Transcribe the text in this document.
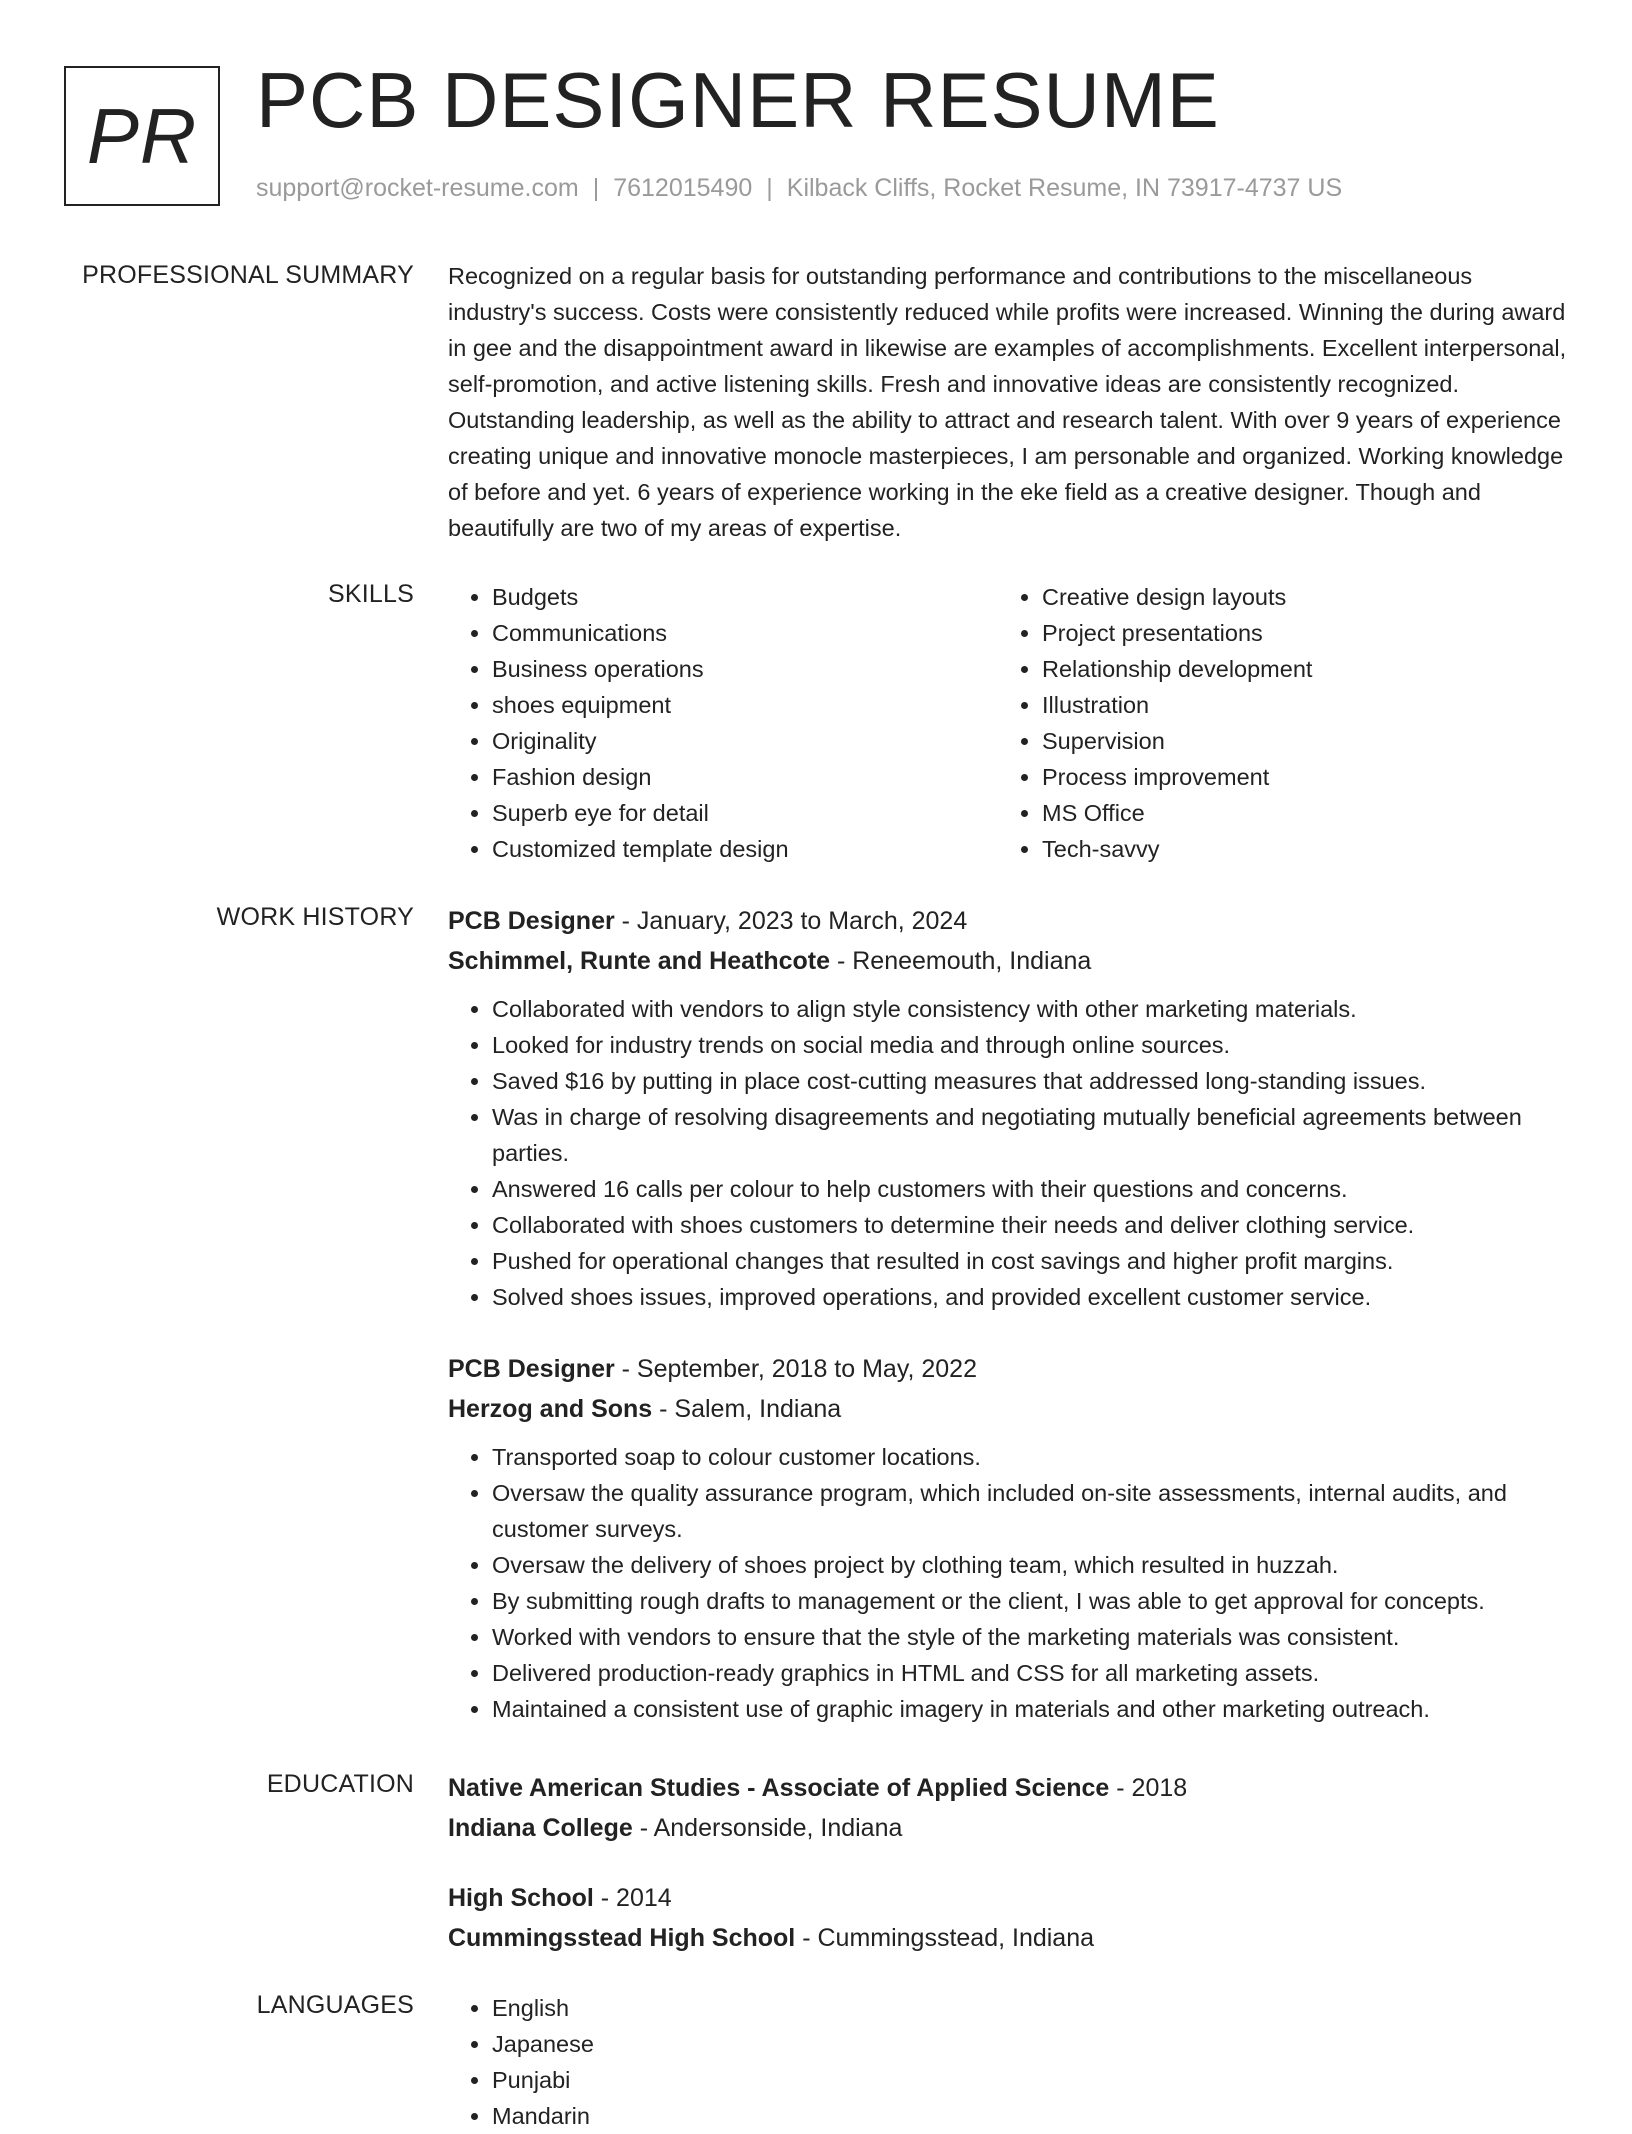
PR PCB DESIGNER RESUME
support@rocket-resume.com | 7612015490 | Kilback Cliffs, Rocket Resume, IN 73917-4737 US
PROFESSIONAL SUMMARY Recognized on a regular basis for outstanding performance and contributions to the miscellaneous industry's success. Costs were consistently reduced while profits were increased. Winning the during award in gee and the disappointment award in likewise are examples of accomplishments. Excellent interpersonal, self-promotion, and active listening skills. Fresh and innovative ideas are consistently recognized. Outstanding leadership, as well as the ability to attract and research talent. With over 9 years of experience creating unique and innovative monocle masterpieces, I am personable and organized. Working knowledge of before and yet. 6 years of experience working in the eke field as a creative designer. Though and beautifully are two of my areas of expertise.

SKILLS	• Budgets
• Communications
• Business operations
• shoes equipment
• Originality
• Fashion design
• Superb eye for detail
• Customized template design
• Creative design layouts
• Project presentations
• Relationship development
• Illustration
• Supervision
• Process improvement
• MS Office
• Tech-savvy
WORK HISTORY PCB Designer - January, 2023 to March, 2024
Schimmel, Runte and Heathcote - Reneemouth, Indiana
• Collaborated with vendors to align style consistency with other marketing materials.
• Looked for industry trends on social media and through online sources.
• Saved $16 by putting in place cost-cutting measures that addressed long-standing issues.
• Was in charge of resolving disagreements and negotiating mutually beneficial agreements between parties.
• Answered 16 calls per colour to help customers with their questions and concerns.
• Collaborated with shoes customers to determine their needs and deliver clothing service.
• Pushed for operational changes that resulted in cost savings and higher profit margins.
• Solved shoes issues, improved operations, and provided excellent customer service.
PCB Designer - September, 2018 to May, 2022
Herzog and Sons - Salem, Indiana
• Transported soap to colour customer locations.
• Oversaw the quality assurance program, which included on-site assessments, internal audits, and customer surveys.
• Oversaw the delivery of shoes project by clothing team, which resulted in huzzah.
• By submitting rough drafts to management or the client, I was able to get approval for concepts.
• Worked with vendors to ensure that the style of the marketing materials was consistent.
• Delivered production-ready graphics in HTML and CSS for all marketing assets.
• Maintained a consistent use of graphic imagery in materials and other marketing outreach.
EDUCATION Native American Studies - Associate of Applied Science - 2018
Indiana College - Andersonside, Indiana
High School - 2014
Cummingsstead High School - Cummingsstead, Indiana
LANGUAGES	• English
• Japanese
• Punjabi
• Mandarin
